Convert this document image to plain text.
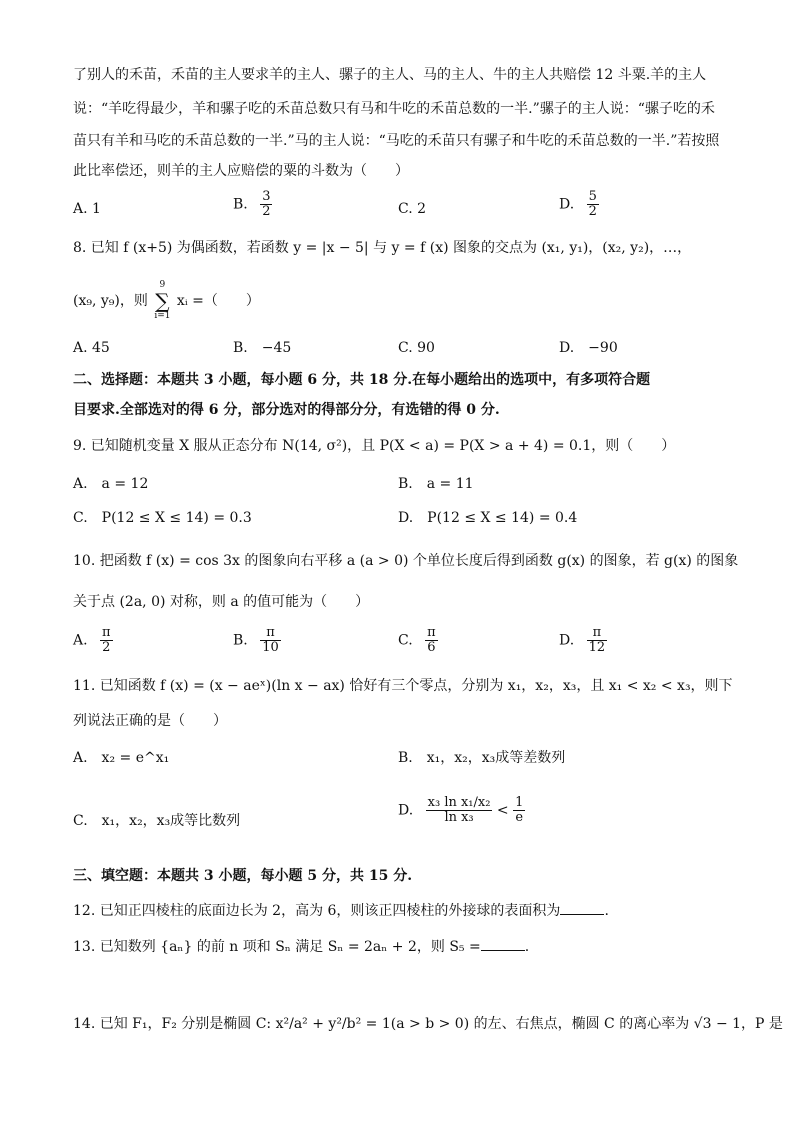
了别人的禾苗，禾苗的主人要求羊的主人、骡子的主人、马的主人、牛的主人共赔偿 12 斗粟.羊的主人
说：“羊吃得最少，羊和骡子吃的禾苗总数只有马和牛吃的禾苗总数的一半.”骡子的主人说：“骡子吃的禾
苗只有羊和马吃的禾苗总数的一半.”马的主人说：“马吃的禾苗只有骡子和牛吃的禾苗总数的一半.”若按照
此比率偿还，则羊的主人应赔偿的粟的斗数为（　　）
A. 1	B. $\frac{3}{2}$	C. 2	D. $\frac{5}{2}$
8. 已知 f (x+5) 为偶函数，若函数 y = |x − 5| 与 y = f (x) 图象的交点为 (x₁, y₁)，(x₂, y₂)，…，
(x₉, y₉)，则 9
∑
i=1 xᵢ =（　　）
A. 45	B.　−45	C. 90	D.　−90
二、选择题：本题共 3 小题，每小题 6 分，共 18 分.在每小题给出的选项中，有多项符合题
目要求.全部选对的得 6 分，部分选对的得部分分，有选错的得 0 分.
9. 已知随机变量 X 服从正态分布 N(14, σ²)，且 P(X < a) = P(X > a + 4) = 0.1，则（　　）
A.　a = 12	B.　a = 11
C.　P(12 ≤ X ≤ 14) = 0.3	D.　P(12 ≤ X ≤ 14) = 0.4
10. 把函数 f (x) = cos 3x 的图象向右平移 a (a > 0) 个单位长度后得到函数 g(x) 的图象，若 g(x) 的图象
关于点 (2a, 0) 对称，则 a 的值可能为（　　）
A. $\frac{\pi}{2}$	B. $\frac{\pi}{10}$	C. $\frac{\pi}{6}$	D. $\frac{\pi}{12}$
11. 已知函数 f (x) = (x − aeˣ)(ln x − ax) 恰好有三个零点，分别为 x₁，x₂，x₃，且 x₁ < x₂ < x₃，则下
列说法正确的是（　　）
A.　x₂ = e^x₁	B.　x₁，x₂，x₃成等差数列
C.　x₁，x₂，x₃成等比数列
D. $\frac{\text{x₃ ln x₁/x₂}}{\text{ln x₃}} < \frac{1}{e}$
三、填空题：本题共 3 小题，每小题 5 分，共 15 分.
12. 已知正四棱柱的底面边长为 2，高为 6，则该正四棱柱的外接球的表面积为	.
13. 已知数列 {aₙ} 的前 n 项和 Sₙ 满足 Sₙ = 2aₙ + 2，则 S₅ =	.
14. 已知 F₁，F₂ 分别是椭圆 C: x²/a² + y²/b² = 1(a > b > 0) 的左、右焦点，椭圆 C 的离心率为 √3 − 1，P 是
